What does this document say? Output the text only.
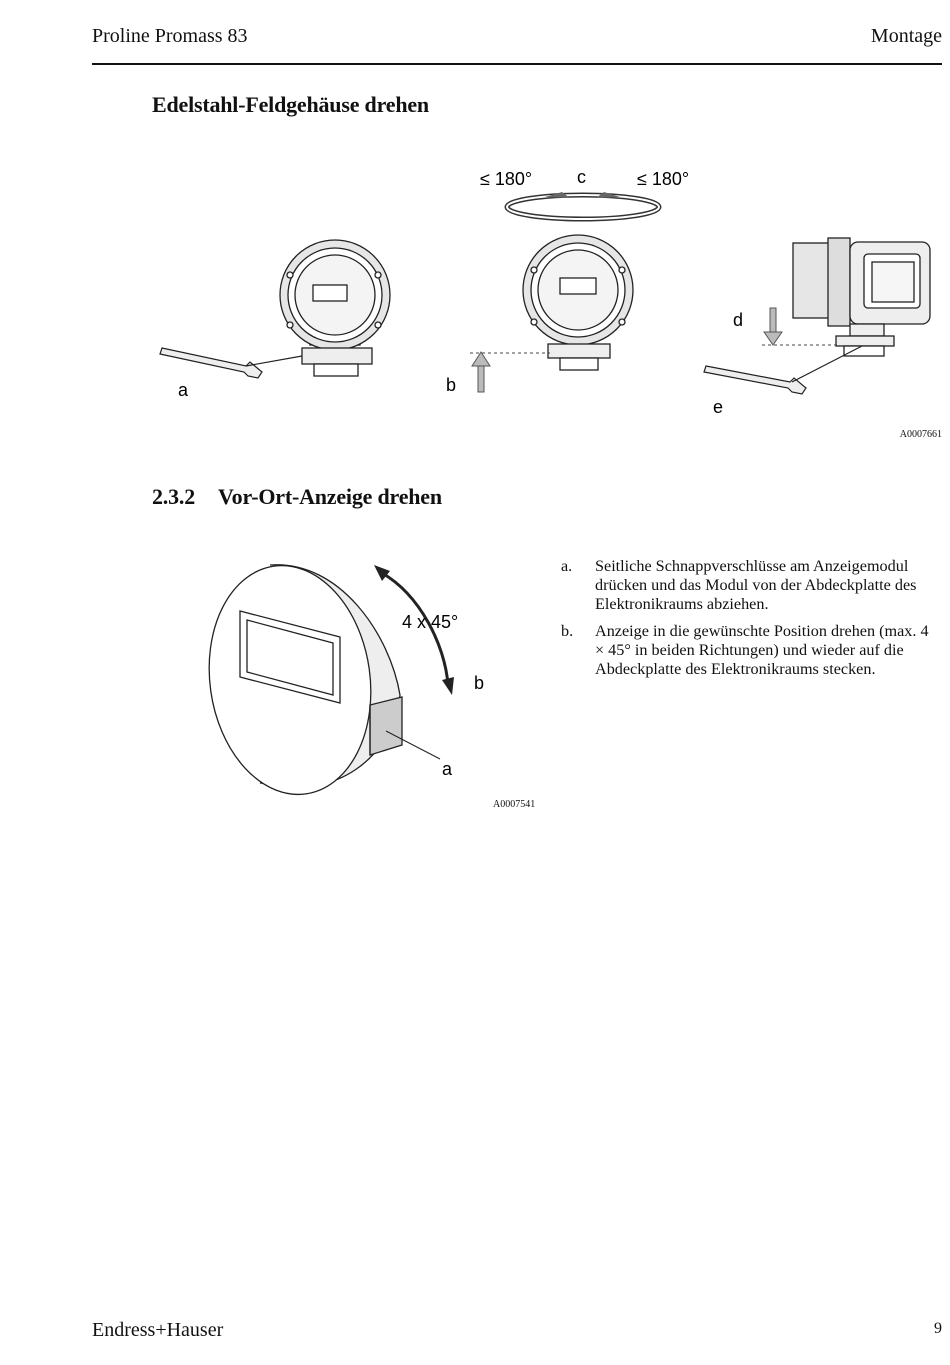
Proline Promass 83	Montage
Edelstahl-Feldgehäuse drehen
a	b
≤ 180° c	≤ 180°
d
e
A0007661
2.3.2 Vor-Ort-Anzeige drehen
4 x 45°
b
a
A0007541
a.	Seitliche Schnappverschlüsse am Anzeigemodul drücken und das Modul von der Abdeckplatte des Elektronikraums abziehen.
b.	Anzeige in die gewünschte Position drehen (max. 4 × 45° in beiden Richtungen) und wieder auf die Abdeckplatte des Elektronikraums stecken.
Endress+Hauser	9
